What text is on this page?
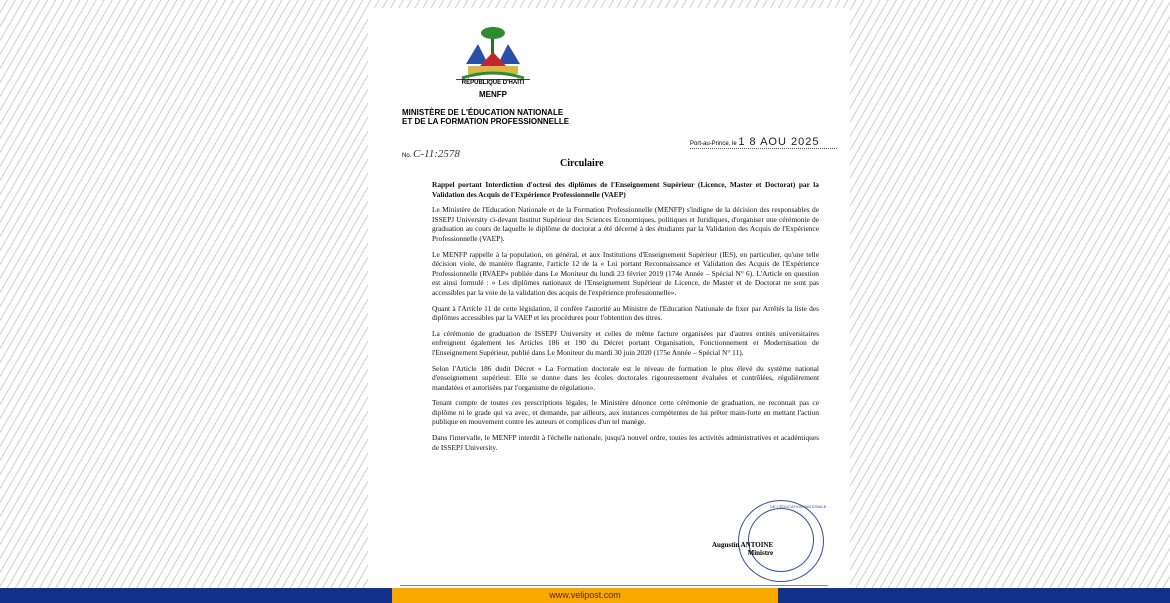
RÉPUBLIQUE D'HAÏTI
MENFP
MINISTÈRE DE L'ÉDUCATION NATIONALE
ET DE LA FORMATION PROFESSIONNELLE
No. C-11:2578
Port-au-Prince, le 1 8 AOU 2025
Circulaire

Rappel portant Interdiction d'octroi des diplômes de l'Enseignement Supérieur (Licence, Master et Doctorat) par la Validation des Acquis de l'Expérience Professionnelle (VAEP)

Le Ministère de l'Education Nationale et de la Formation Professionnelle (MENFP) s'indigne de la décision des responsables de ISSEPJ University ci-devant Institut Supérieur des Sciences Economiques, politiques et Juridiques, d'organiser une cérémonie de graduation au cours de laquelle le diplôme de doctorat a été décerné à des étudiants par la Validation des Acquis de l'Expérience Professionnelle (VAEP).

Le MENFP rappelle à la population, en général, et aux Institutions d'Enseignement Supérieur (IES), en particulier, qu'une telle décision viole, de manière flagrante, l'article 12 de la « Loi portant Reconnaissance et Validation des Acquis de l'Expérience Professionnelle (RVAEP» publiée dans Le Moniteur du lundi 23 février 2019 (174e Année – Spécial N° 6). L'Article en question est ainsi formulé : « Les diplômes nationaux de l'Enseignement Supérieur de Licence, de Master et de Doctorat ne sont pas accessibles par la voie de la validation des acquis de l'expérience professionnelle».

Quant à l'Article 11 de cette législation, il confère l'autorité au Ministre de l'Education Nationale de fixer par Arrêtés la liste des diplômes accessibles par la VAEP et les procédures pour l'obtention des titres.

La cérémonie de graduation de ISSEPJ University et celles de même facture organisées par d'autres entités universitaires enfreignent également les Articles 186 et 190 du Décret portant Organisation, Fonctionnement et Modernisation de l'Enseignement Supérieur, publié dans Le Moniteur du mardi 30 juin 2020 (175e Année – Spécial N° 11).

Selon l'Article 186 dudit Décret « La Formation doctorale est le niveau de formation le plus élevé du système national d'enseignement supérieur. Elle se donne dans les écoles doctorales rigoureusement évaluées et contrôlées, régulièrement mandatées et autorisées par l'organisme de régulation».

Tenant compte de toutes ces prescriptions légales, le Ministère dénonce cette cérémonie de graduation, ne reconnait pas ce diplôme ni le grade qui va avec, et demande, par ailleurs, aux instances compétentes de lui prêter main-forte en mettant l'action publique en mouvement contre les auteurs et complices d'un tel manège.

Dans l'intervalle, le MENFP interdit à l'échelle nationale, jusqu'à nouvel ordre, toutes les activités administratives et académiques de ISSEPJ University.

DE L'EDUCATION NATIONALE
Augustin ANTOINE
Ministre
www.velipost.com
